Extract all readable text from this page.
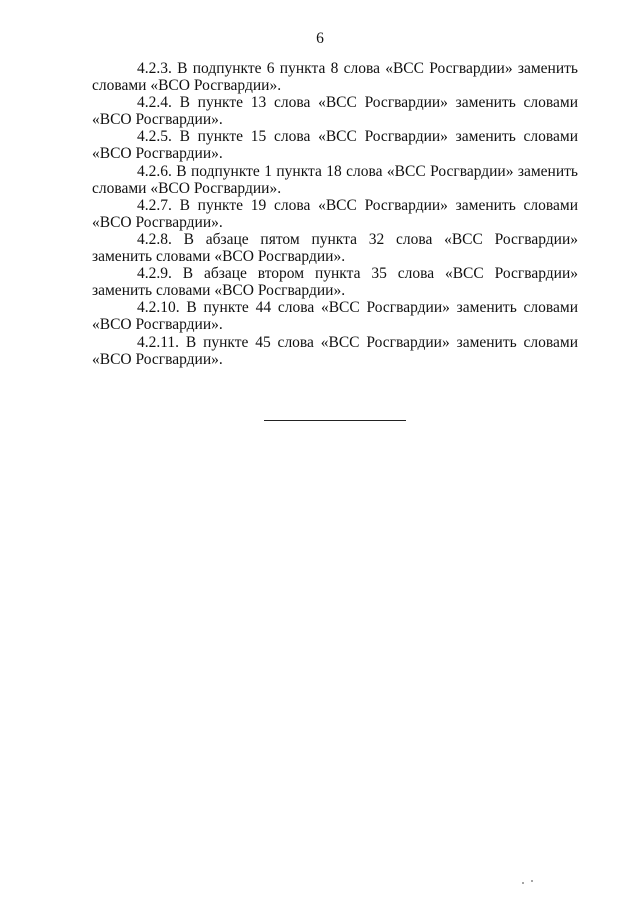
6

4.2.3. В подпункте 6 пункта 8 слова «ВСС Росгвардии» заменить словами «ВСО Росгвардии».

4.2.4. В пункте 13 слова «ВСС Росгвардии» заменить словами «ВСО Росгвардии».

4.2.5. В пункте 15 слова «ВСС Росгвардии» заменить словами «ВСО Росгвардии».

4.2.6. В подпункте 1 пункта 18 слова «ВСС Росгвардии» заменить словами «ВСО Росгвардии».

4.2.7. В пункте 19 слова «ВСС Росгвардии» заменить словами «ВСО Росгвардии».

4.2.8. В абзаце пятом пункта 32 слова «ВСС Росгвардии» заменить словами «ВСО Росгвардии».

4.2.9. В абзаце втором пункта 35 слова «ВСС Росгвардии» заменить словами «ВСО Росгвардии».

4.2.10. В пункте 44 слова «ВСС Росгвардии» заменить словами «ВСО Росгвардии».

4.2.11. В пункте 45 слова «ВСС Росгвардии» заменить словами «ВСО Росгвардии».
